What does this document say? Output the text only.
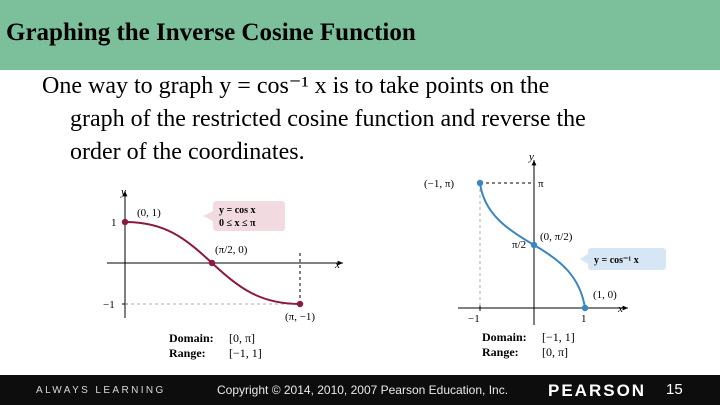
Graphing the Inverse Cosine Function
One way to graph y = cos⁻¹ x is to take points on the
graph of the restricted cosine function and reverse the
order of the coordinates.
y
x
1
−1
(0, 1)
(π/2, 0)
(π, −1)
y = cos x
0 ≤ x ≤ π
Domain: [0, π]
Range: [−1, 1]
y
x
π
π/2
−1	1
(−1, π)
(0, π/2)
(1, 0)
y = cos⁻¹ x
Domain: [−1, 1]
Range: [0, π]
ALWAYS LEARNING	Copyright © 2014, 2010, 2007 Pearson Education, Inc. PEARSON 15
